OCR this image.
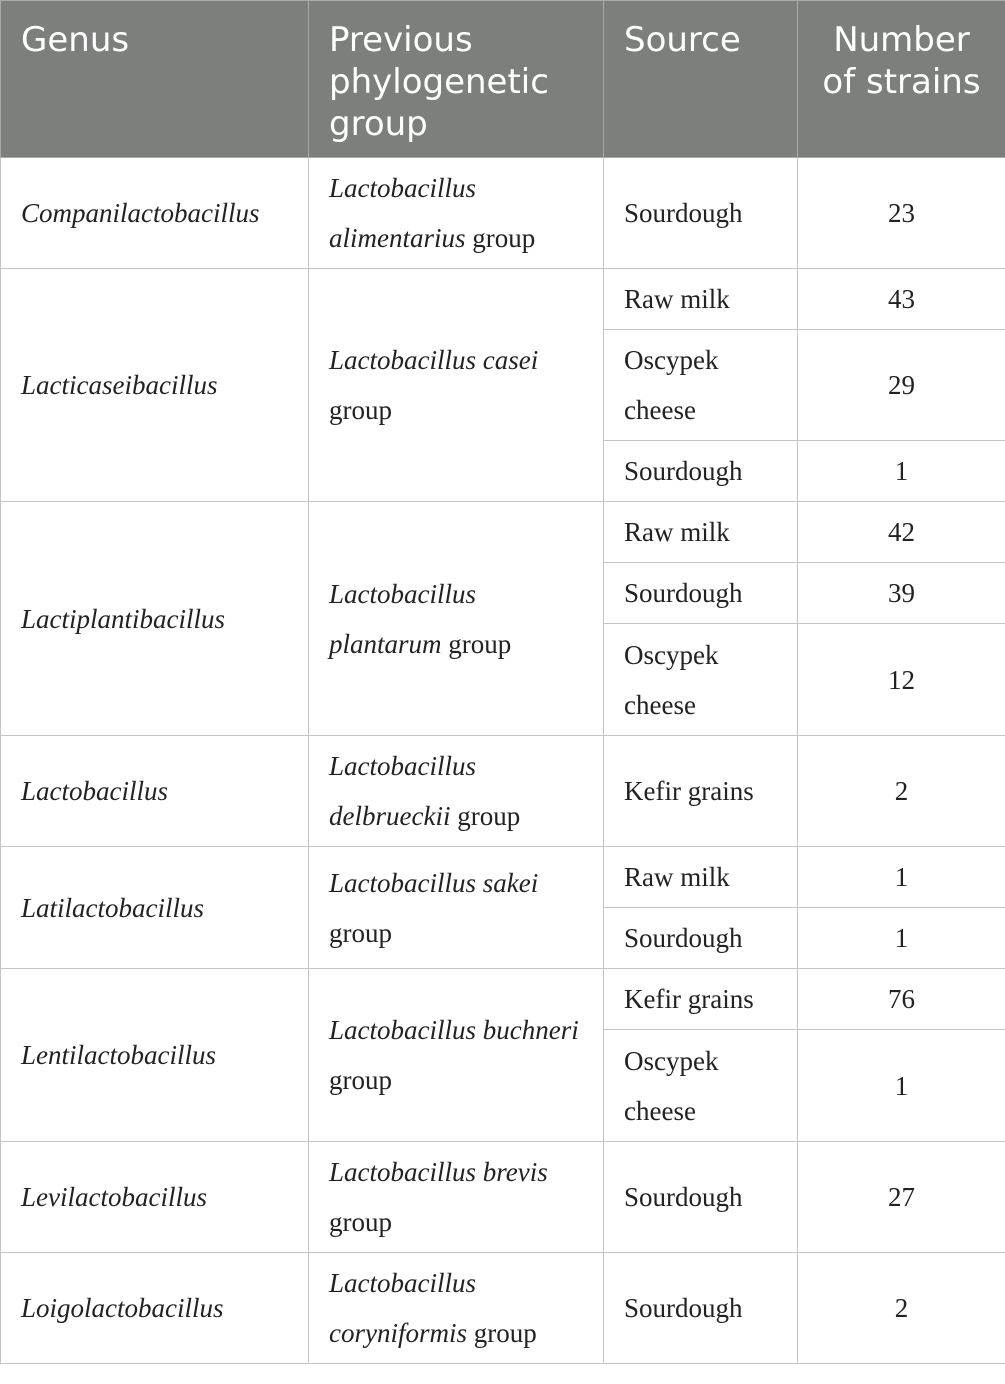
Genus	Previous phylogenetic group	Source	Number of strains
Companilactobacillus	Lactobacillus alimentarius group	Sourdough	23
Lacticaseibacillus	Lactobacillus casei group	Raw milk	43
		Oscypek cheese	29
		Sourdough	1
Lactiplantibacillus	Lactobacillus plantarum group	Raw milk	42
		Sourdough	39
		Oscypek cheese	12
Lactobacillus	Lactobacillus delbrueckii group	Kefir grains	2
Latilactobacillus	Lactobacillus sakei group	Raw milk	1
		Sourdough	1
Lentilactobacillus	Lactobacillus buchneri group	Kefir grains	76
		Oscypek cheese	1
Levilactobacillus	Lactobacillus brevis group	Sourdough	27
Loigolactobacillus	Lactobacillus coryniformis group	Sourdough	2
